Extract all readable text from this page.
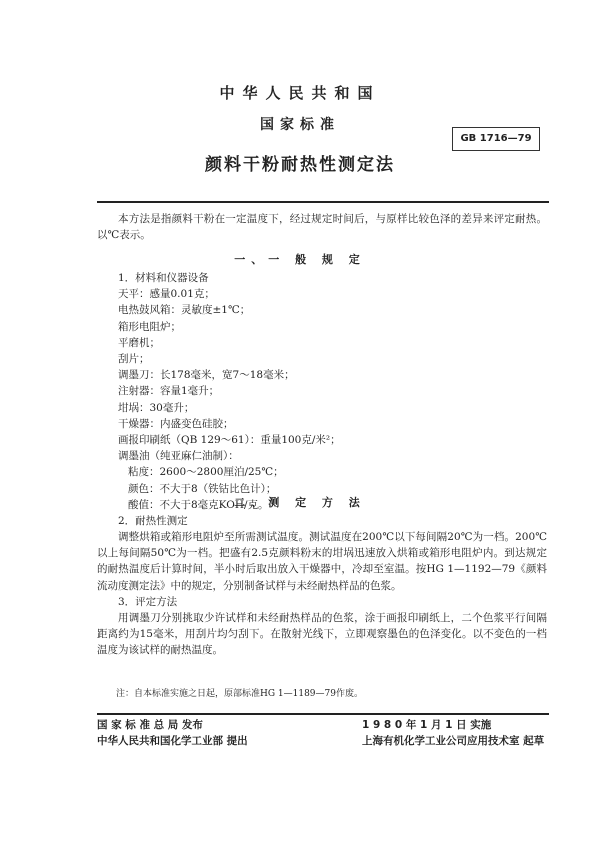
中华人民共和国
国家标准
GB 1716—79
颜料干粉耐热性测定法
本方法是指颜料干粉在一定温度下，经过规定时间后，与原样比较色泽的差异来评定耐热。以℃表示。
一、一 般 规 定
1．材料和仪器设备
天平：感量0.01克；
电热鼓风箱：灵敏度±1℃；
箱形电阻炉；
平磨机；
刮片；
调墨刀：长178毫米，宽7～18毫米；
注射器：容量1毫升；
坩埚：30毫升；
干燥器：内盛变色硅胶；
画报印刷纸（QB 129～61）：重量100克/米²；
调墨油（纯亚麻仁油制）：
粘度：2600～2800厘泊/25℃；
颜色：不大于8（铁钴比色计）；
酸值：不大于8毫克KOH/克。
二、测 定 方 法
2．耐热性测定
调整烘箱或箱形电阻炉至所需测试温度。测试温度在200℃以下每间隔20℃为一档。200℃以上每间隔50℃为一档。把盛有2.5克颜料粉末的坩埚迅速放入烘箱或箱形电阻炉内。到达规定的耐热温度后计算时间，半小时后取出放入干燥器中，冷却至室温。按HG 1—1192—79《颜料流动度测定法》中的规定，分别制备试样与未经耐热样品的色浆。
3．评定方法
用调墨刀分别挑取少许试样和未经耐热样品的色浆，涂于画报印刷纸上，二个色浆平行间隔距离约为15毫米，用刮片均匀刮下。在散射光线下，立即观察墨色的色泽变化。以不变色的一档温度为该试样的耐热温度。
注：自本标准实施之日起，原部标准HG 1—1189—79作废。
国 家 标 准 总 局 发布
中华人民共和国化学工业部 提出
1 9 8 0 年 1 月 1 日 实施
上海有机化学工业公司应用技术室 起草
